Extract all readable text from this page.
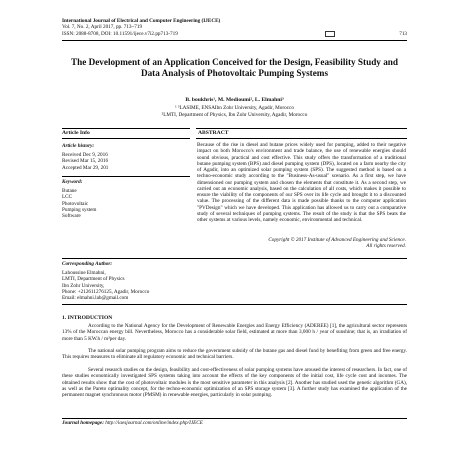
International Journal of Electrical and Computer Engineering (IJECE)
Vol. 7, No. 2, April 2017, pp. 713~719
ISSN: 2088-8708, DOI: 10.11591/ijece.v7i2.pp713-719	713
The Development of an Application Conceived for the Design, Feasibility Study and Data Analysis of Photovoltaic Pumping Systems
B. boukhris¹, M. Medioumi², L. Elmahni³
¹ ³LASIME, ENSAIbn Zohr University, Agadir, Morocco
²LMTI, Department of Physics, Ibn Zohr University, Agadir, Morocco
Article Info	ABSTRACT
Article history:
Received Dec 9, 2016
Revised Mar 15, 2016
Accepted Mar 29, 201
Keyword:
Butane
LCC
Photovoltaic
Pumping system
Software
Because of the rise in diesel and butane prices widely used for pumping, added to their negative impact on both Morocco's environment and trade balance, the use of renewable energies should sound obvious, practical and cost effective. This study offers the transformation of a traditional butane pumping system (BPS) and diesel pumping system (DPS), located on a farm nearby the city of Agadir, into an optimized solar pumping system (SPS). The suggested method is based on a techno-economic study according to the "Business-As-usual" scenario. As a first step, we have dimensioned our pumping system and chosen the elements that constitute it. As a second step, we carried out an economic analysis, based on the calculation of all costs, which makes it possible to ensure the viability of the components of our SPS over its life cycle and brought it to a discounted value. The processing of the different data is made possible thanks to the computer application "PVDesign" which we have developed. This application has allowed us to carry out a comparative study of several techniques of pumping systems. The result of the study is that the SPS beats the other systems at various levels, namely economic, environmental and technical.
Copyright © 2017 Institute of Advanced Engineering and Science.
All rights reserved.
Corresponding Author:
Lahoussine Elmahni,
LMTI, Department of Physics
Ibn Zohr University,
Phone: +212611276125, Agadir, Morocco
Email: elmahni.lab@gmail.com
1. INTRODUCTION
According to the National Agency for the Development of Renewable Energies and Energy Efficiency (ADEREE) [1], the agricultural sector represents 13% of the Moroccan energy bill. Nevertheless, Morocco has a considerable solar field, estimated at more than 3,000 h / year of sunshine; that is, an irradiation of more than 5 KW.h / m²per day.
The national solar pumping program aims to reduce the government subsidy of the butane gas and diesel fund by benefiting from green and free energy. This requires measures to eliminate all regulatory economic and technical barriers.
Several research studies on the design, feasibility and cost-effectiveness of solar pumping systems have aroused the interest of researchers. In fact, one of these studies economically investigated SPS systems taking into account the effects of the key components of the initial cost, life cycle cost and incomes. The obtained results show that the cost of photovoltaic modules is the most sensitive parameter in this analysis [2]. Another has studied used the genetic algorithm (GA), as well as the Pareto optimality concept, for the techno-economic optimization of an SPS storage system [3]. A further study has examined the application of the permanent magnet synchronous motor (PMSM) in renewable energies, particularly in solar pumping.
Journal homepage: http://iaesjournal.com/online/index.php/IJECE
